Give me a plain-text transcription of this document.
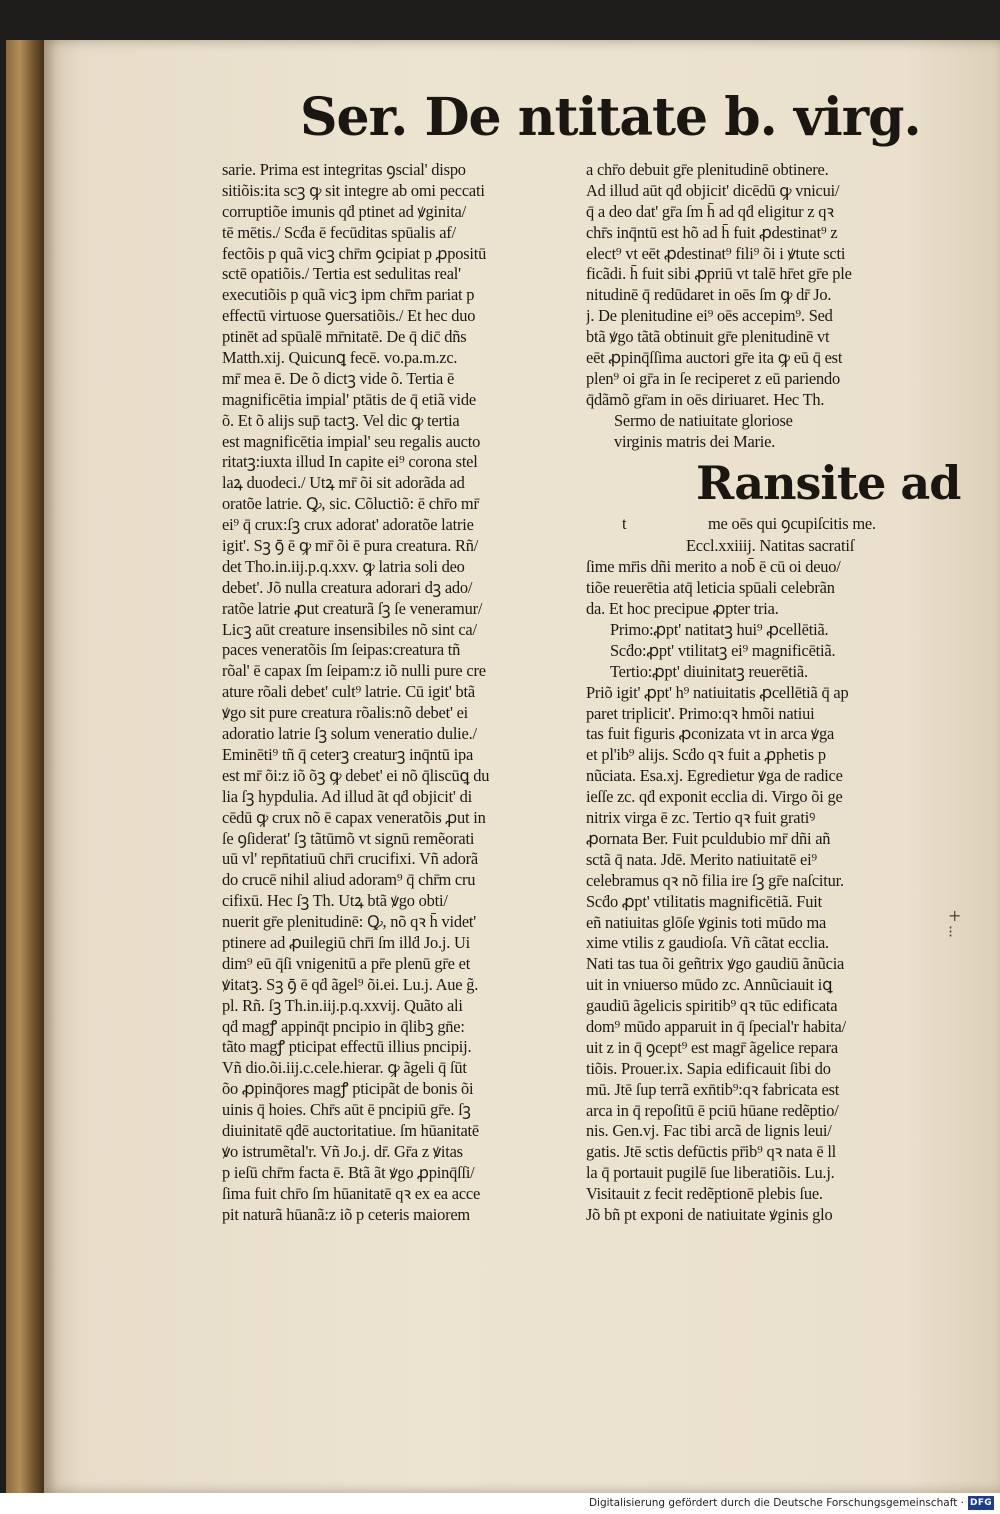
Ser. De ntitate b. virg.
sarie. Prima est integritas ꝯscial' dispo
sitiõis:ita scꝫ ꝙ sit integre ab omi peccati
corruptiõe imunis qḋ ptinet ad ꝟginita/
tē mētis./ Scḋa ē fecūditas spūalis af/
fectõis p quã vicꝫ chr̄m ꝯcipiat p ꝓpositū
sctē opatiõis./ Tertia est sedulitas real'
executiõis p quã vicꝫ ipm chr̄m pariat p
effectū virtuose ꝯuersatiõis./ Et hec duo
ptinēt ad spūalē mr̄nitatē. De q̄ dic̄ dñs
Matth.xij. Quicunꝗ fecē. vo.pa.m.zc.
mr̄ mea ē. De õ dictꝫ vide õ. Tertia ē
magnificētia impial' ptātis de q̄ etiã vide
õ. Et õ alijs sup̄ tactꝫ. Vel dic ꝙ tertia
est magnificētia impial' seu regalis aucto
ritatꝫ:iuxta illud In capite ei⁹ corona stel
laꝝ duodeci./ Utꝝ mr̄ õi sit adorãda ad
oratõe latrie. Ꝙ, sic. Cõluctiõ: ē chr̄o mr̄
ei⁹ q̄ crux:ſꝫ crux adorat' adoratõe latrie
igit'. Sꝫ ꝯ̄ ē ꝙ mr̄ õi ē pura creatura. Rñ/
det Tho.in.iij.p.q.xxv. ꝙ latria soli deo
debet'. Jõ nulla creatura adorari dꝫ ado/
ratõe latrie ꝓut creaturã ſꝫ ſe veneramur/
Licꝫ aūt creature insensibiles nõ sint ca/
paces veneratõis ſm ſeipas:creatura tñ
rõal' ē capax ſm ſeipam:z iõ nulli pure cre
ature rõali debet' cult⁹ latrie. Cū igit' btã
ꝟgo sit pure creatura rõalis:nõ debet' ei
adoratio latrie ſꝫ solum veneratio dulie./
Eminēti⁹ tñ q̄ ceterꝫ creaturꝫ inq̄ntū ipa
est mr̄ õi:z iõ õꝫ ꝙ debet' ei nõ q̄liscūꝗ du
lia ſꝫ hypdulia. Ad illud ãt qḋ objicit' di
cēdū ꝙ crux nõ ē capax veneratõis ꝓut in
ſe ꝯſiderat' ſꝫ tãtūmõ vt signū remẽorati
uū vl' repn̄tatiuū chr̄i crucifixi. Vñ adorã
do crucē nihil aliud adoram⁹ q̄ chr̄m cru
cifixū. Hec ſꝫ Th. Utꝝ btã ꝟgo obti/
nuerit gr̄e plenitudinē: Ꝙ, nõ qꝛ h̄ videt'
ptinere ad ꝓuilegiū chr̄i ſm illḋ Jo.j. Ui
dim⁹ eū q̄ſi vnigenitū a pr̄e plenū gr̄e et
ꝟitatꝫ. Sꝫ ꝯ̄ ē qḋ ãgel⁹ õi.ei. Lu.j. Aue g̃.
pl. Rñ. ſꝫ Th.in.iij.p.q.xxvij. Quãto ali
qḋ magꝭ appinq̄t pncipio in q̄libꝫ gn̄e:
tãto magꝭ pticipat effectū illius pncipij.
Vñ dio.õi.iij.c.cele.hierar. ꝙ ãgeli q̄ ſūt
õo ꝓpinq̄ores magꝭ pticipãt de bonis õi
uinis q̄ hoies. Chr̄s aūt ē pncipiū gr̄e. ſꝫ
diuinitatē qḋē auctoritatiue. ſm hūanitatē
ꝟo istrumẽtal'r. Vñ Jo.j. dr̄. Gr̄a z ꝟitas
p ieſū chr̄m facta ē. Btã ãt ꝟgo ꝓpinq̄ſſi/
ſima fuit chr̄o ſm hūanitatē qꝛ ex ea acce
pit naturã hūanã:z iõ p ceteris maiorem
a chr̄o debuit gr̄e plenitudinē obtinere.
Ad illud aūt qḋ objicit' dicēdū ꝙ vnicui/
q̄ a deo dat' gr̄a ſm h̄ ad qḋ eligitur z qꝛ
chr̄s inq̄ntū est hõ ad h̄ fuit ꝓdestinat⁹ z
elect⁹ vt eēt ꝓdestinat⁹ fili⁹ õi i ꝟtute scti
ficãdi. h̄ fuit sibi ꝓpriū vt talē hr̄et gr̄e ple
nitudinē q̄ redūdaret in oēs ſm ꝙ dr̄ Jo.
j. De plenitudine ei⁹ oēs accepim⁹. Sed
btã ꝟgo tãtã obtinuit gr̄e plenitudinē vt
eēt ꝓpinq̄ſſima auctori gr̄e ita ꝙ eū q̄ est
plen⁹ oi gr̄a in ſe reciperet z eū pariendo
q̄dãmõ gr̄am in oēs diriuaret. Hec Th.
Sermo de natiuitate gloriose
virginis matris dei Marie.
Ransite ad
t	me oēs qui ꝯcupiſcitis me.
Eccl.xxiiij. Natitas sacratiſ
ſime mr̄is dñi merito a nob̄ ē cū oi deuo/
tiõe reuerētia atq̄ leticia spūali celebrãn
da. Et hoc precipue ꝓpter tria.
Primo:ꝓpt' natitatꝫ hui⁹ ꝓcellētiã.
Scḋo:ꝓpt' vtilitatꝫ ei⁹ magnificētiã.
Tertio:ꝓpt' diuinitatꝫ reuerētiã.
Priõ igit' ꝓpt' h⁹ natiuitatis ꝓcellētiã q̄ ap
paret triplicit'. Primo:qꝛ hmõi natiui
tas fuit figuris ꝓconizata vt in arca ꝟga
et pl'ib⁹ alijs. Scḋo qꝛ fuit a ꝓphetis p
nũciata. Esa.xj. Egredietur ꝟga de radice
ieſſe zc. qḋ exponit ecclia di. Virgo õi ge
nitrix virga ē zc. Tertio qꝛ fuit gratiꝰ
ꝓornata Ber. Fuit pculdubio mr̄ dñi añ
sctã q̄ nata. Jdē. Merito natiuitatē ei⁹
celebramus qꝛ nõ filia ire ſꝫ gr̄e naſcitur.
Scḋo ꝓpt' vtilitatis magnificētiã. Fuit
eñ natiuitas glōſe ꝟginis toti mūdo ma
xime vtilis z gaudioſa. Vñ cãtat ecclia.
Nati tas tua õi geñtrix ꝟgo gaudiū ãnũcia
uit in vniuerso mūdo zc. Annũciauit iꝗ
gaudiū ãgelicis spiritib⁹ qꝛ tūc edificata
dom⁹ mūdo apparuit in q̄ ſpecial'r habita/
uit z in q̄ ꝯcept⁹ est magr̄ ãgelice repara
tiõis. Prouer.ix. Sapia edificauit ſibi do
mū. Jtē ſup terrã exn̄tib⁹:qꝛ fabricata est
arca in q̄ repoſitū ē pciū hūane redẽptio/
nis. Gen.vj. Fac tibi arcã de lignis leui/
gatis. Jtē sctis defūctis pr̄ib⁹ qꝛ nata ē ll
la q̄ portauit pugilē ſue liberatiõis. Lu.j.
Visitauit z fecit redẽptionē plebis ſue.
Jõ bñ pt exponi de natiuitate ꝟginis glo
+ ⁝
Digitalisierung gefördert durch die Deutsche Forschungsgemeinschaft · DFG
